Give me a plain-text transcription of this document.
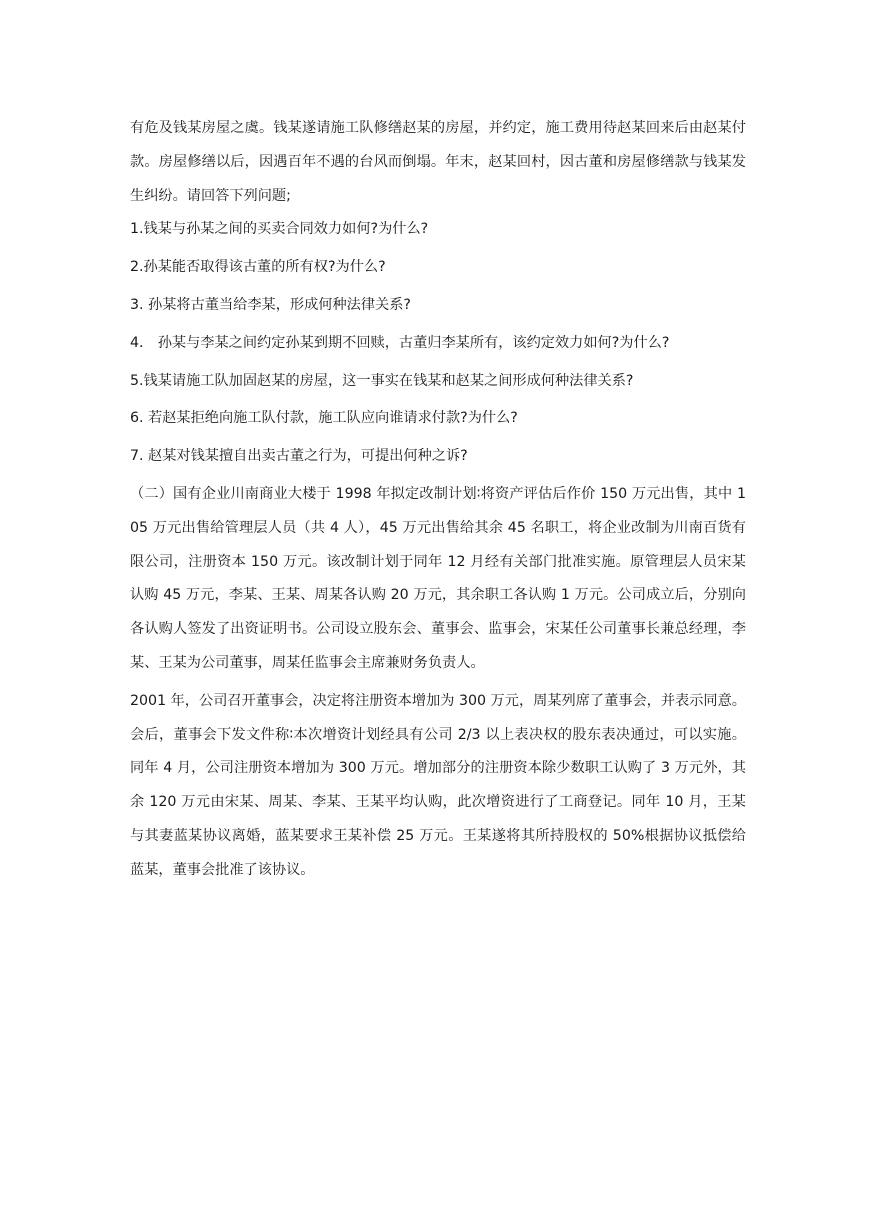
有危及钱某房屋之虞。钱某遂请施工队修缮赵某的房屋，并约定，施工费用待赵某回来后由赵某付款。房屋修缮以后，因遇百年不遇的台风而倒塌。年末，赵某回村，因古董和房屋修缮款与钱某发生纠纷。请回答下列问题;

1.钱某与孙某之间的买卖合同效力如何?为什么?

2.孙某能否取得该古董的所有权?为什么?

3. 孙某将古董当给李某，形成何种法律关系?

4． 孙某与李某之间约定孙某到期不回赎，古董归李某所有，该约定效力如何?为什么?

5.钱某请施工队加固赵某的房屋，这一事实在钱某和赵某之间形成何种法律关系?

6. 若赵某拒绝向施工队付款，施工队应向谁请求付款?为什么?

7. 赵某对钱某擅自出卖古董之行为，可提出何种之诉?

（二）国有企业川南商业大楼于 1998 年拟定改制计划∶将资产评估后作价 150 万元出售，其中 105 万元出售给管理层人员（共 4 人），45 万元出售给其余 45 名职工，将企业改制为川南百货有限公司，注册资本 150 万元。该改制计划于同年 12 月经有关部门批准实施。原管理层人员宋某认购 45 万元，李某、王某、周某各认购 20 万元，其余职工各认购 1 万元。公司成立后，分别向各认购人签发了出资证明书。公司设立股东会、董事会、监事会，宋某任公司董事长兼总经理，李某、王某为公司董事，周某任监事会主席兼财务负责人。

2001 年，公司召开董事会，决定将注册资本增加为 300 万元，周某列席了董事会，并表示同意。会后，董事会下发文件称∶本次增资计划经具有公司 2/3 以上表决权的股东表决通过，可以实施。同年 4 月，公司注册资本增加为 300 万元。增加部分的注册资本除少数职工认购了 3 万元外，其余 120 万元由宋某、周某、李某、王某平均认购，此次增资进行了工商登记。同年 10 月，王某与其妻蓝某协议离婚，蓝某要求王某补偿 25 万元。王某遂将其所持股权的 50%根据协议抵偿给蓝某，董事会批准了该协议。
